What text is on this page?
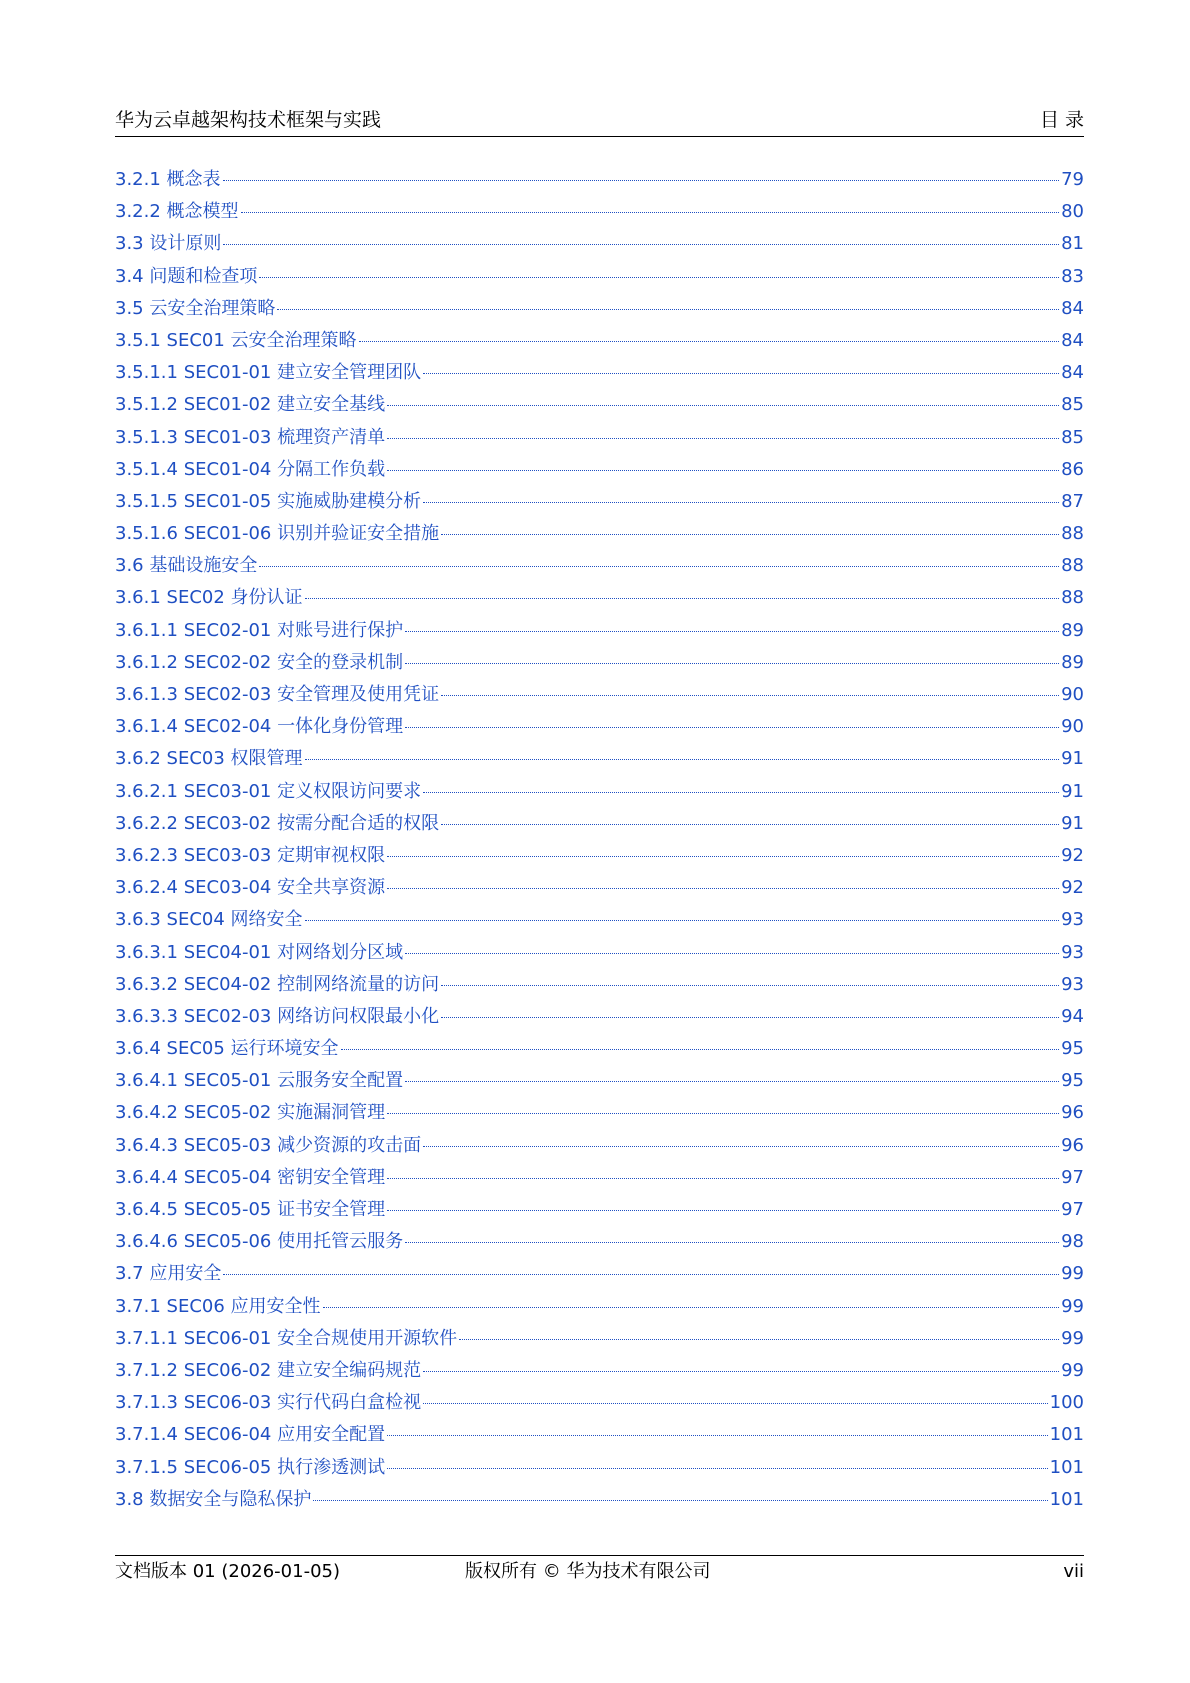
华为云卓越架构技术框架与实践	目 录
3.2.1 概念表	79
3.2.2 概念模型	80
3.3 设计原则	81
3.4 问题和检查项	83
3.5 云安全治理策略	84
3.5.1 SEC01 云安全治理策略	84
3.5.1.1 SEC01-01 建立安全管理团队	84
3.5.1.2 SEC01-02 建立安全基线	85
3.5.1.3 SEC01-03 梳理资产清单	85
3.5.1.4 SEC01-04 分隔工作负载	86
3.5.1.5 SEC01-05 实施威胁建模分析	87
3.5.1.6 SEC01-06 识别并验证安全措施	88
3.6 基础设施安全	88
3.6.1 SEC02 身份认证	88
3.6.1.1 SEC02-01 对账号进行保护	89
3.6.1.2 SEC02-02 安全的登录机制	89
3.6.1.3 SEC02-03 安全管理及使用凭证	90
3.6.1.4 SEC02-04 一体化身份管理	90
3.6.2 SEC03 权限管理	91
3.6.2.1 SEC03-01 定义权限访问要求	91
3.6.2.2 SEC03-02 按需分配合适的权限	91
3.6.2.3 SEC03-03 定期审视权限	92
3.6.2.4 SEC03-04 安全共享资源	92
3.6.3 SEC04 网络安全	93
3.6.3.1 SEC04-01 对网络划分区域	93
3.6.3.2 SEC04-02 控制网络流量的访问	93
3.6.3.3 SEC02-03 网络访问权限最小化	94
3.6.4 SEC05 运行环境安全	95
3.6.4.1 SEC05-01 云服务安全配置	95
3.6.4.2 SEC05-02 实施漏洞管理	96
3.6.4.3 SEC05-03 减少资源的攻击面	96
3.6.4.4 SEC05-04 密钥安全管理	97
3.6.4.5 SEC05-05 证书安全管理	97
3.6.4.6 SEC05-06 使用托管云服务	98
3.7 应用安全	99
3.7.1 SEC06 应用安全性	99
3.7.1.1 SEC06-01 安全合规使用开源软件	99
3.7.1.2 SEC06-02 建立安全编码规范	99
3.7.1.3 SEC06-03 实行代码白盒检视	100
3.7.1.4 SEC06-04 应用安全配置	101
3.7.1.5 SEC06-05 执行渗透测试	101
3.8 数据安全与隐私保护	101
文档版本 01 (2026-01-05)	版权所有 © 华为技术有限公司	vii
